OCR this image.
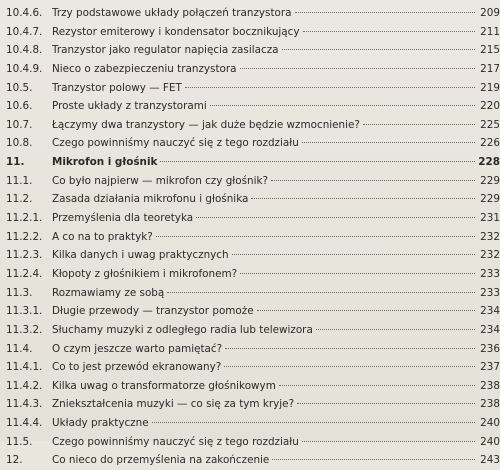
10.4.6. Trzy podstawowe układy połączeń tranzystora	209
10.4.7. Rezystor emiterowy i kondensator bocznikujący	211
10.4.8. Tranzystor jako regulator napięcia zasilacza	215
10.4.9. Nieco o zabezpieczeniu tranzystora	217
10.5.	Tranzystor polowy — FET	219
10.6.	Proste układy z tranzystorami	220
10.7.	Łączymy dwa tranzystory — jak duże będzie wzmocnienie?	225
10.8.	Czego powinniśmy nauczyć się z tego rozdziału	226
11.	Mikrofon i głośnik	228
11.1.	Co było najpierw — mikrofon czy głośnik?	229
11.2.	Zasada działania mikrofonu i głośnika	229
11.2.1. Przemyślenia dla teoretyka	231
11.2.2. A co na to praktyk?	232
11.2.3. Kilka danych i uwag praktycznych	232
11.2.4. Kłopoty z głośnikiem i mikrofonem?	233
11.3.	Rozmawiamy ze sobą	233
11.3.1. Długie przewody — tranzystor pomoże	234
11.3.2. Słuchamy muzyki z odległego radia lub telewizora	234
11.4.	O czym jeszcze warto pamiętać?	236
11.4.1. Co to jest przewód ekranowany?	237
11.4.2. Kilka uwag o transformatorze głośnikowym	238
11.4.3. Zniekształcenia muzyki — co się za tym kryje?	238
11.4.4. Układy praktyczne	240
11.5.	Czego powinniśmy nauczyć się z tego rozdziału	240
12.	Co nieco do przemyślenia na zakończenie	243
